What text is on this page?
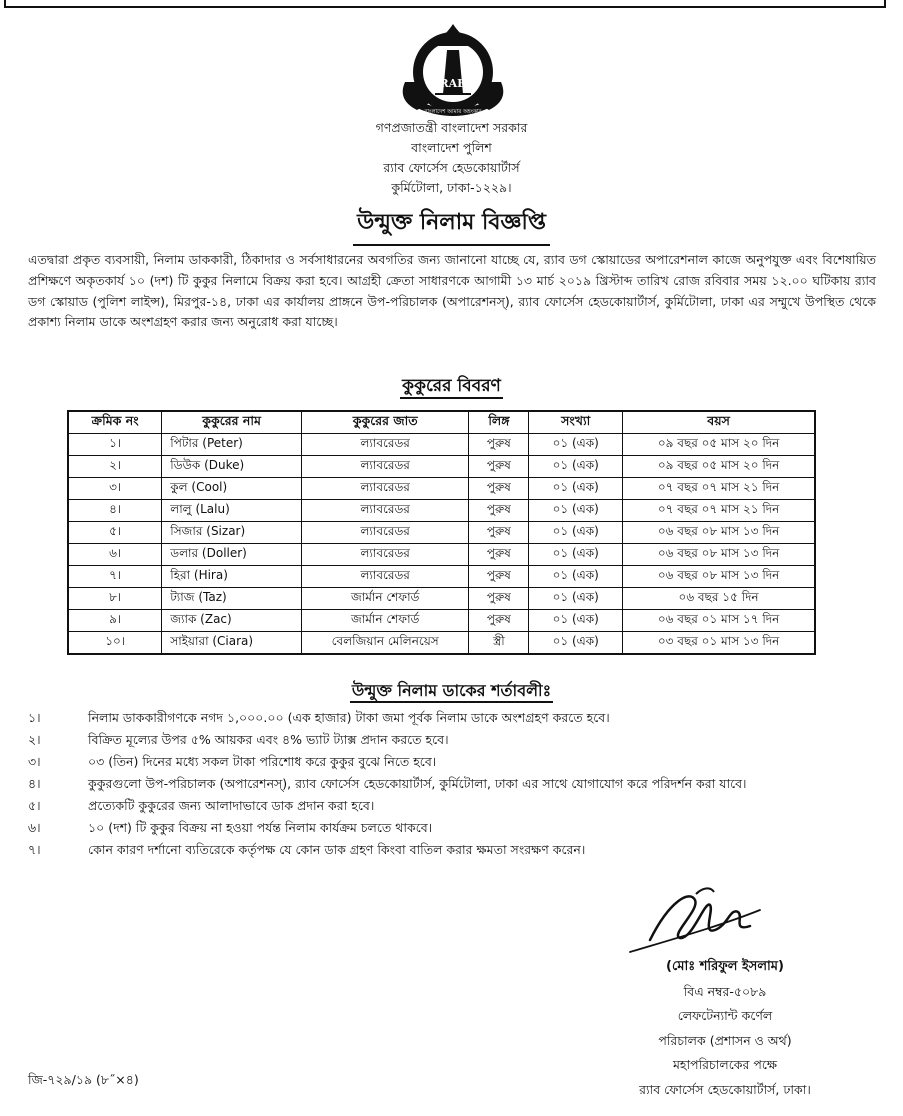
RAB
বাংলাদেশ আমার অহংকার
গণপ্রজাতন্ত্রী বাংলাদেশ সরকার
বাংলাদেশ পুলিশ
র‍্যাব ফোর্সেস হেডকোয়ার্টার্স
কুর্মিটোলা, ঢাকা-১২২৯।
উন্মুক্ত নিলাম বিজ্ঞপ্তি
এতদ্বারা প্রকৃত ব্যবসায়ী, নিলাম ডাককারী, ঠিকাদার ও সর্বসাধারনের অবগতির জন্য জানানো যাচ্ছে যে, র‍্যাব ডগ স্কোয়াডের অপারেশনাল কাজে অনুপযুক্ত এবং বিশেষায়িত প্রশিক্ষণে অকৃতকার্য ১০ (দশ) টি কুকুর নিলামে বিক্রয় করা হবে। আগ্রহী ক্রেতা সাধারণকে আগামী ১৩ মার্চ ২০১৯ খ্রিস্টাব্দ তারিখ রোজ রবিবার সময় ১২.০০ ঘটিকায় র‍্যাব ডগ স্কোয়াড (পুলিশ লাইন্স), মিরপুর-১৪, ঢাকা এর কার্যালয় প্রাঙ্গনে উপ-পরিচালক (অপারেশনস্), র‍্যাব ফোর্সেস হেডকোয়ার্টার্স, কুর্মিটোলা, ঢাকা এর সম্মুখে উপস্থিত থেকে প্রকাশ্য নিলাম ডাকে অংশগ্রহণ করার জন্য অনুরোধ করা যাচ্ছে।
কুকুরের বিবরণ
ক্রমিক নং	কুকুরের নাম	কুকুরের জাত	লিঙ্গ	সংখ্যা	বয়স
১।	পিটার (Peter)	ল্যাবরেডর	পুরুষ	০১ (এক)	০৯ বছর ০৫ মাস ২০ দিন
২।	ডিউক (Duke)	ল্যাবরেডর	পুরুষ	০১ (এক)	০৯ বছর ০৫ মাস ২০ দিন
৩।	কুল (Cool)	ল্যাবরেডর	পুরুষ	০১ (এক)	০৭ বছর ০৭ মাস ২১ দিন
৪।	লালু (Lalu)	ল্যাবরেডর	পুরুষ	০১ (এক)	০৭ বছর ০৭ মাস ২১ দিন
৫।	সিজার (Sizar)	ল্যাবরেডর	পুরুষ	০১ (এক)	০৬ বছর ০৮ মাস ১৩ দিন
৬।	ডলার (Doller)	ল্যাবরেডর	পুরুষ	০১ (এক)	০৬ বছর ০৮ মাস ১৩ দিন
৭।	হিরা (Hira)	ল্যাবরেডর	পুরুষ	০১ (এক)	০৬ বছর ০৮ মাস ১৩ দিন
৮।	ট্যাজ (Taz)	জার্মান শেফার্ড	পুরুষ	০১ (এক)	০৬ বছর ১৫ দিন
৯।	জ্যাক (Zac)	জার্মান শেফার্ড	পুরুষ	০১ (এক)	০৬ বছর ০১ মাস ১৭ দিন
১০।	সাইয়ারা (Ciara)	বেলজিয়ান মেলিনয়েস	স্ত্রী	০১ (এক)	০৩ বছর ০১ মাস ১৩ দিন
উন্মুক্ত নিলাম ডাকের শর্তাবলীঃ
১।	নিলাম ডাককারীগণকে নগদ ১,০০০.০০ (এক হাজার) টাকা জমা পূর্বক নিলাম ডাকে অংশগ্রহণ করতে হবে।
২।	বিক্রিত মূল্যের উপর ৫% আয়কর এবং ৪% ভ্যাট ট্যাক্স প্রদান করতে হবে।
৩।	০৩ (তিন) দিনের মধ্যে সকল টাকা পরিশোধ করে কুকুর বুঝে নিতে হবে।
৪।	কুকুরগুলো উপ-পরিচালক (অপারেশনস্), র‍্যাব ফোর্সেস হেডকোয়ার্টার্স, কুর্মিটোলা, ঢাকা এর সাথে যোগাযোগ করে পরিদর্শন করা যাবে।
৫।	প্রত্যেকটি কুকুরের জন্য আলাদাভাবে ডাক প্রদান করা হবে।
৬।	১০ (দশ) টি কুকুর বিক্রয় না হওয়া পর্যন্ত নিলাম কার্যক্রম চলতে থাকবে।
৭।	কোন কারণ দর্শানো ব্যতিরেকে কর্তৃপক্ষ যে কোন ডাক গ্রহণ কিংবা বাতিল করার ক্ষমতা সংরক্ষণ করেন।
(মোঃ শরিফুল ইসলাম)
বিএ নম্বর-৫০৮৯
লেফটেন্যান্ট কর্ণেল
পরিচালক (প্রশাসন ও অর্থ)
মহাপরিচালকের পক্ষে
র‍্যাব ফোর্সেস হেডকোয়ার্টার্স, ঢাকা।
জি-৭২৯/১৯ (৮˝×৪)
